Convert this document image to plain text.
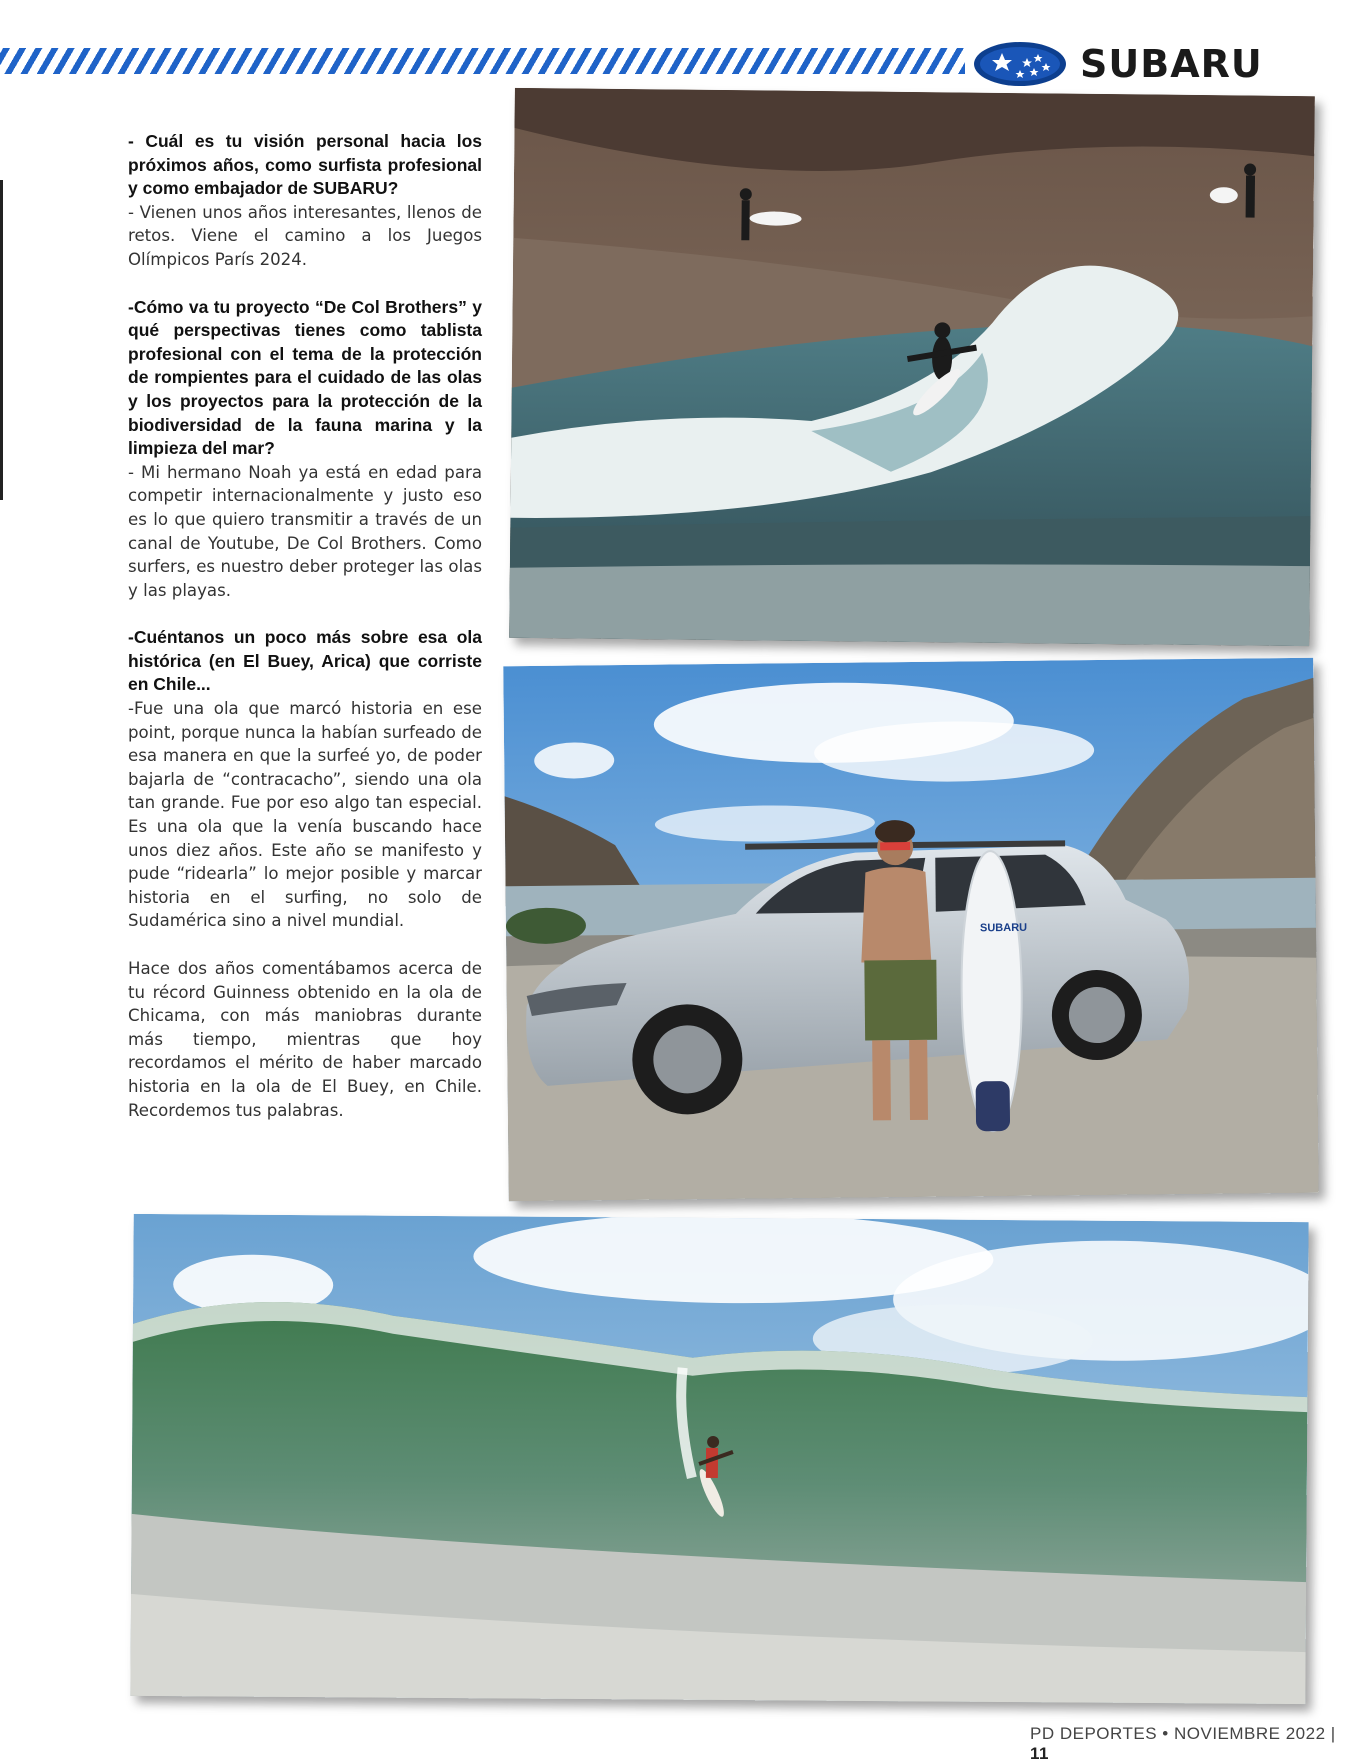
SUBARU

- Cuál es tu visión personal hacia los próximos años, como surfista profesional y como embajador de SUBARU?

- Vienen unos años interesantes, llenos de retos. Viene el camino a los Juegos Olímpicos París 2024.

-Cómo va tu proyecto “De Col Brothers” y qué perspectivas tienes como tablista profesional con el tema de la protección de rompientes para el cuidado de las olas y los proyectos para la protección de la biodiversidad de la fauna marina y la limpieza del mar?

- Mi hermano Noah ya está en edad para competir internacionalmente y justo eso es lo que quiero transmitir a través de un canal de Youtube, De Col Brothers. Como surfers, es nuestro deber proteger las olas y las playas.

-Cuéntanos un poco más sobre esa ola histórica (en El Buey, Arica) que corriste en Chile...

-Fue una ola que marcó historia en ese point, porque nunca la habían surfeado de esa manera en que la surfeé yo, de poder bajarla de “contracacho”, siendo una ola tan grande. Fue por eso algo tan especial. Es una ola que la venía buscando hace unos diez años. Este año se manifesto y pude “ridearla” lo mejor posible y marcar historia en el surfing, no solo de Sudamérica sino a nivel mundial.

Hace dos años comentábamos acerca de tu récord Guinness obtenido en la ola de Chicama, con más maniobras durante más tiempo, mientras que hoy recordamos el mérito de haber marcado historia en la ola de El Buey, en Chile. Recordemos tus palabras.

SUBARU
PD DEPORTES • NOVIEMBRE 2022 | 11
